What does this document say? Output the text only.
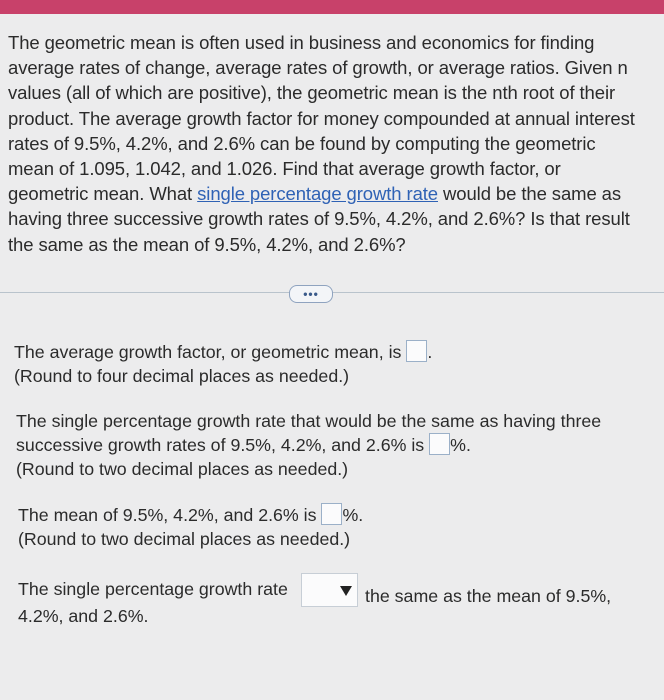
The geometric mean is often used in business and economics for finding
average rates of change, average rates of growth, or average ratios. Given n
values (all of which are positive), the geometric mean is the nth root of their
product. The average growth factor for money compounded at annual interest
rates of 9.5%, 4.2%, and 2.6% can be found by computing the geometric
mean of 1.095, 1.042, and 1.026. Find that average growth factor, or
geometric mean. What single percentage growth rate would be the same as
having three successive growth rates of 9.5%, 4.2%, and 2.6%? Is that result
the same as the mean of 9.5%, 4.2%, and 2.6%?
•••
The average growth factor, or geometric mean, is .
(Round to four decimal places as needed.)
The single percentage growth rate that would be the same as having three
successive growth rates of 9.5%, 4.2%, and 2.6% is %.
(Round to two decimal places as needed.)
The mean of 9.5%, 4.2%, and 2.6% is %.
(Round to two decimal places as needed.)
The single percentage growth rate	the same as the mean of 9.5%,
4.2%, and 2.6%.
